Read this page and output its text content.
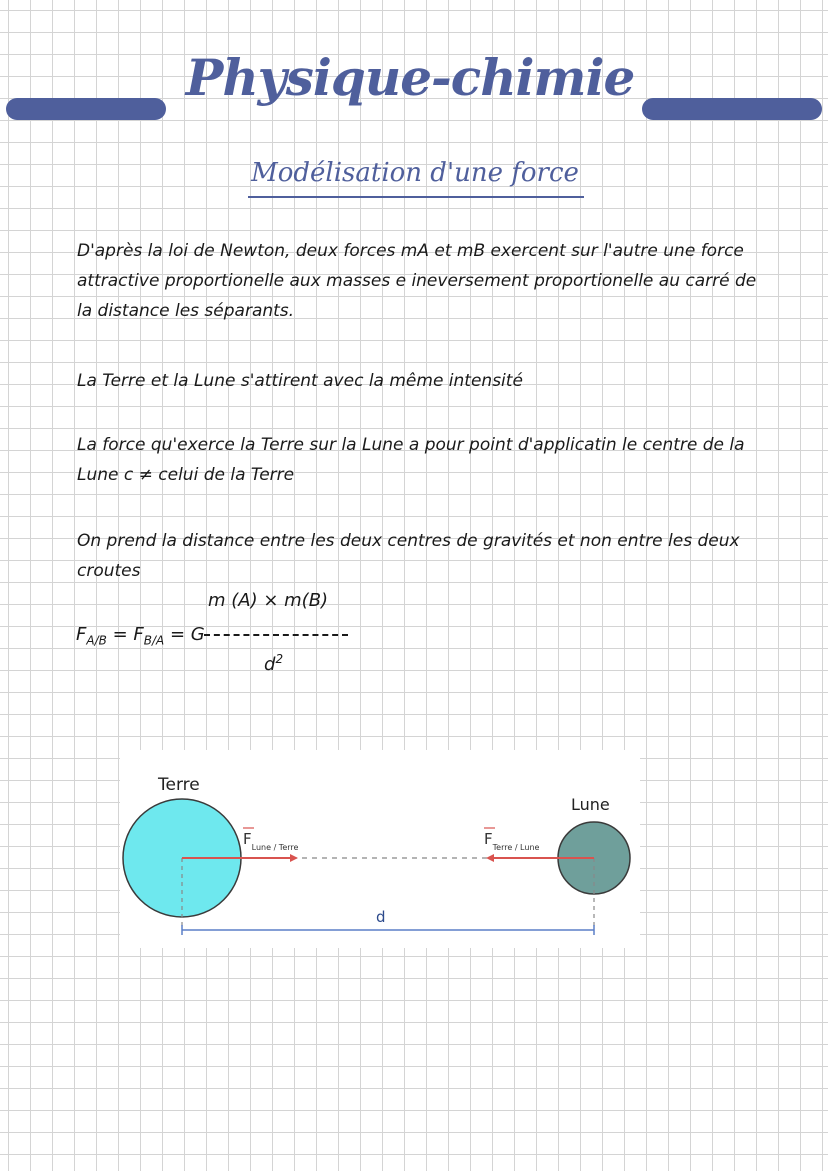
Physique-chimie
Modélisation d'une force
D'après la loi de Newton, deux forces mA et mB exercent sur l'autre une force attractive proportionelle aux masses e ineversement proportionelle au carré de la distance les séparants.
La Terre et la Lune s'attirent avec la même intensité
La force qu'exerce la Terre sur la Lune a pour point d'applicatin le centre de la Lune c ≠ celui de la Terre
On prend la distance entre les deux centres de gravités et non entre les deux croutes
m (A) × m(B)
$F_{A/B} = F_{B/A} = G$
$d^2$
Terre
Lune
$F_{Lune / Terre}$	$F_{Terre / Lune}$
d
